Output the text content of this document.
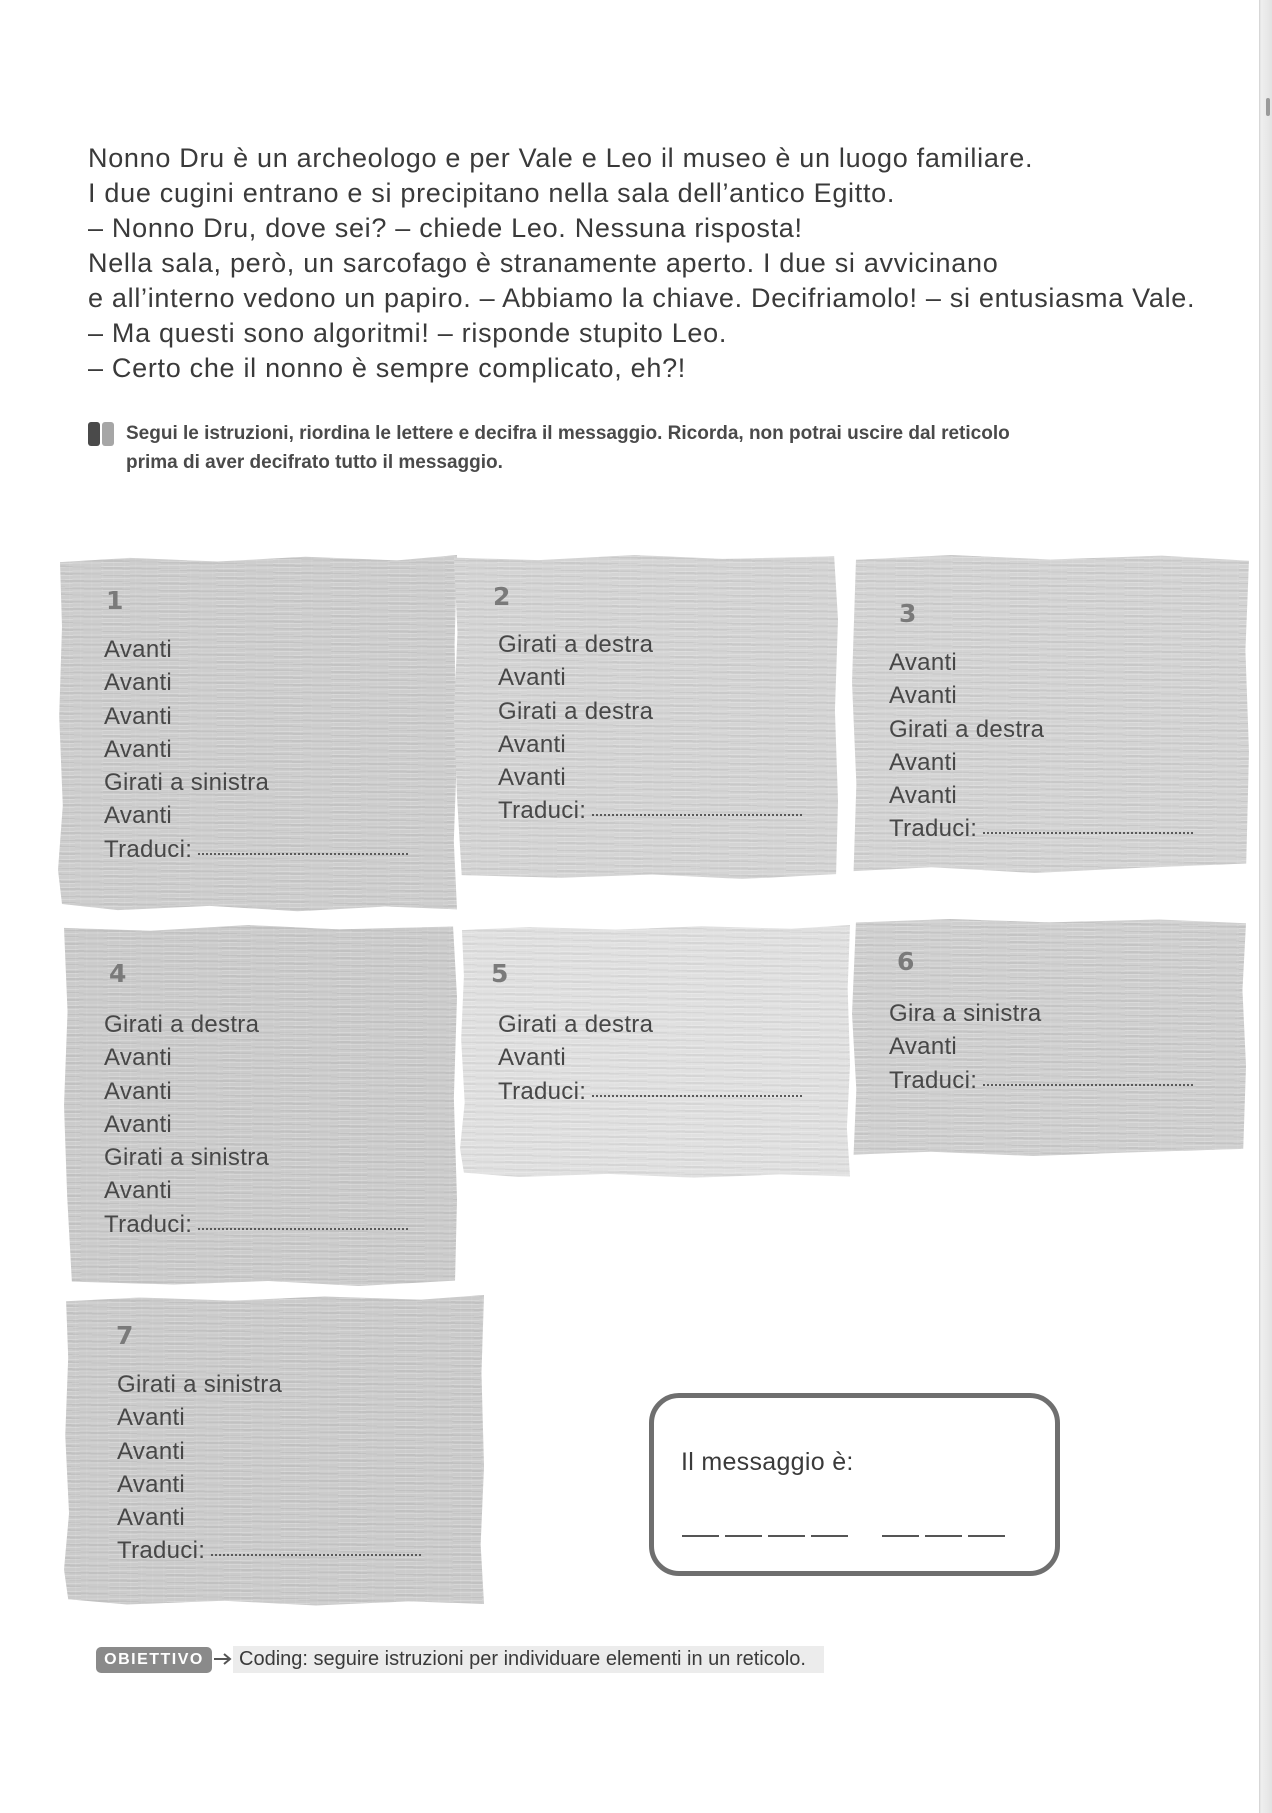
Nonno Dru è un archeologo e per Vale e Leo il museo è un luogo familiare.
I due cugini entrano e si precipitano nella sala dell’antico Egitto.
– Nonno Dru, dove sei? – chiede Leo. Nessuna risposta!
Nella sala, però, un sarcofago è stranamente aperto. I due si avvicinano
e all’interno vedono un papiro. – Abbiamo la chiave. Decifriamolo! – si entusiasma Vale.
– Ma questi sono algoritmi! – risponde stupito Leo.
– Certo che il nonno è sempre complicato, eh?!
Segui le istruzioni, riordina le lettere e decifra il messaggio. Ricorda, non potrai uscire dal reticolo
prima di aver decifrato tutto il messaggio.
1
Avanti
Avanti
Avanti
Avanti
Girati a sinistra
Avanti
Traduci:
2
Girati a destra
Avanti
Girati a destra
Avanti
Avanti
Traduci:
3
Avanti
Avanti
Girati a destra
Avanti
Avanti
Traduci:
4
Girati a destra
Avanti
Avanti
Avanti
Girati a sinistra
Avanti
Traduci:
5
Girati a destra
Avanti
Traduci:
6
Gira a sinistra
Avanti
Traduci:
7
Girati a sinistra
Avanti
Avanti
Avanti
Avanti
Traduci:
Il messaggio è:
OBIETTIVO	Coding: seguire istruzioni per individuare elementi in un reticolo.
